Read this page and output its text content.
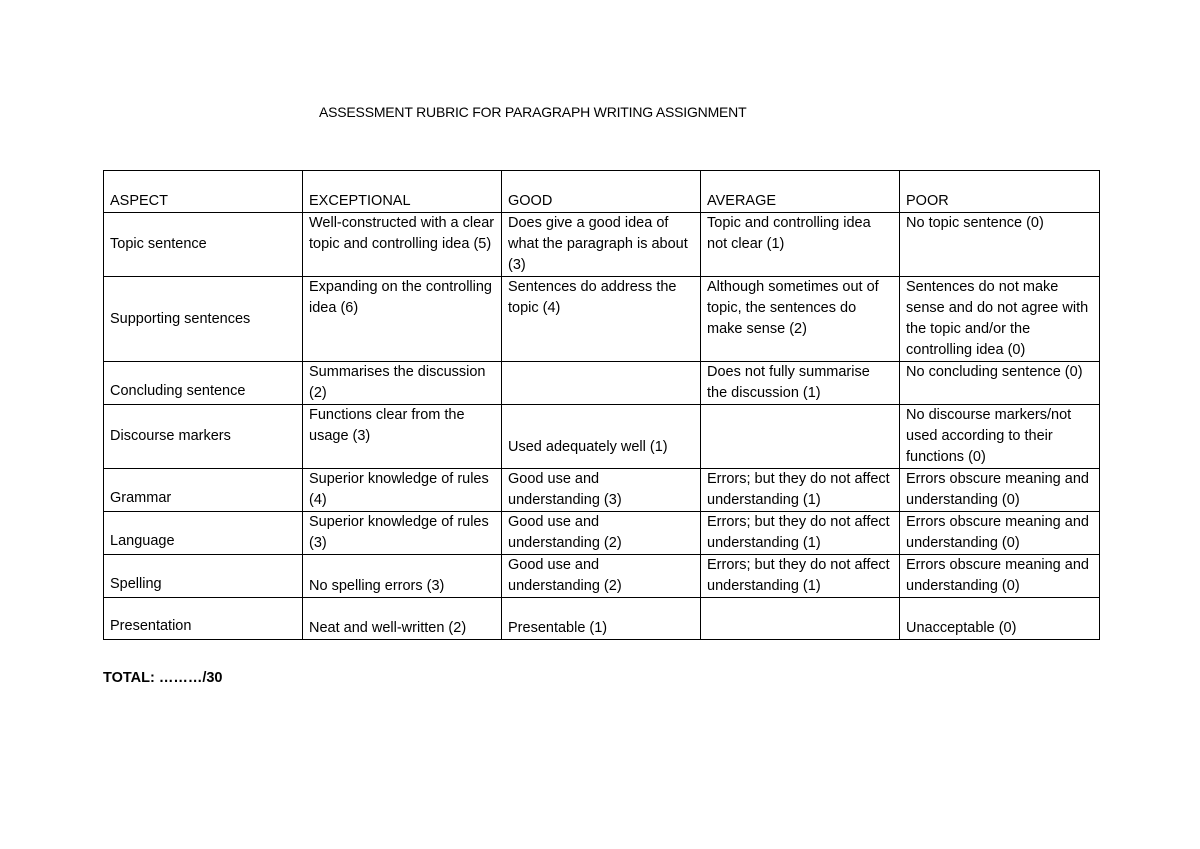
ASSESSMENT RUBRIC FOR PARAGRAPH WRITING ASSIGNMENT
ASPECT	EXCEPTIONAL	GOOD	AVERAGE	POOR
Topic sentence	Well-constructed with a clear topic and controlling idea (5)	Does give a good idea of what the paragraph is about (3)	Topic and controlling idea not clear (1)	No topic sentence (0)
Supporting sentences	Expanding on the controlling idea (6)	Sentences do address the topic (4)	Although sometimes out of topic, the sentences do make sense (2)	Sentences do not make sense and do not agree with the topic and/or the controlling idea (0)
Concluding sentence	Summarises the discussion (2)		Does not fully summarise the discussion (1)	No concluding sentence (0)
Discourse markers	Functions clear from the usage (3)	Used adequately well (1)		No discourse markers/not used according to their functions (0)
Grammar	Superior knowledge of rules (4)	Good use and understanding (3)	Errors; but they do not affect understanding (1)	Errors obscure meaning and understanding (0)
Language	Superior knowledge of rules (3)	Good use and understanding (2)	Errors; but they do not affect understanding (1)	Errors obscure meaning and understanding (0)
Spelling	No spelling errors (3)	Good use and understanding (2)	Errors; but they do not affect understanding (1)	Errors obscure meaning and understanding (0)
Presentation	Neat and well-written (2)	Presentable (1)		Unacceptable (0)
TOTAL: ………/30
